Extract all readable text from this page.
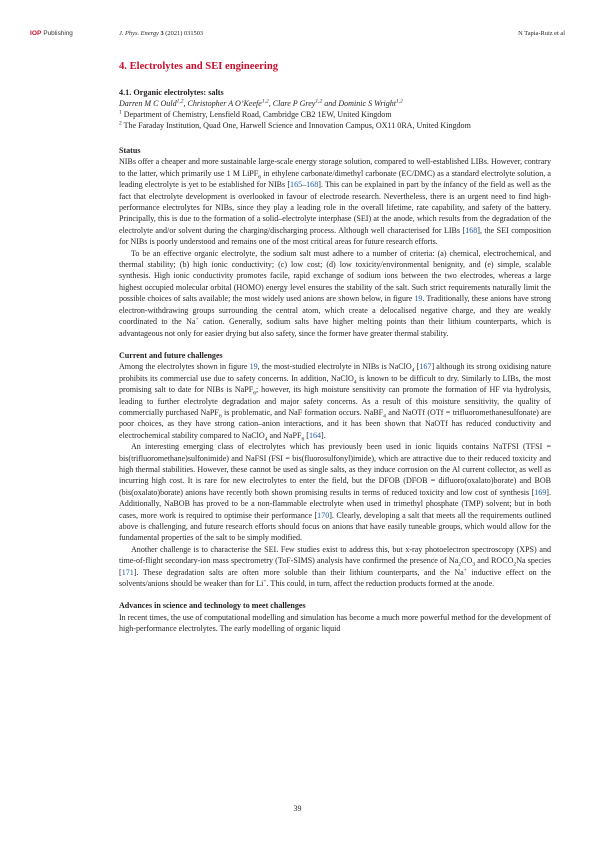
IOP Publishing	J. Phys. Energy 3 (2021) 031503	N Tapia-Ruiz et al
4. Electrolytes and SEI engineering
4.1. Organic electrolytes: salts
Darren M C Ould$^{1,2}$, Christopher A O’Keefe$^{1,2}$, Clare P Grey$^{1,2}$ and Dominic S Wright$^{1,2}$
$^1$ Department of Chemistry, Lensfield Road, Cambridge CB2 1EW, United Kingdom
$^2$ The Faraday Institution, Quad One, Harwell Science and Innovation Campus, OX11 0RA, United Kingdom
Status

NIBs offer a cheaper and more sustainable large-scale energy storage solution, compared to well-established LIBs. However, contrary to the latter, which primarily use 1 M LiPF$_6$ in ethylene carbonate/dimethyl carbonate (EC/DMC) as a standard electrolyte solution, a leading electrolyte is yet to be established for NIBs [165–168]. This can be explained in part by the infancy of the field as well as the fact that electrolyte development is overlooked in favour of electrode research. Nevertheless, there is an urgent need to find high-performance electrolytes for NIBs, since they play a leading role in the overall lifetime, rate capability, and safety of the battery. Principally, this is due to the formation of a solid–electrolyte interphase (SEI) at the anode, which results from the degradation of the electrolyte and/or solvent during the charging/discharging process. Although well characterised for LIBs [168], the SEI composition for NIBs is poorly understood and remains one of the most critical areas for future research efforts.

To be an effective organic electrolyte, the sodium salt must adhere to a number of criteria: (a) chemical, electrochemical, and thermal stability; (b) high ionic conductivity; (c) low cost; (d) low toxicity/environmental benignity, and (e) simple, scalable synthesis. High ionic conductivity promotes facile, rapid exchange of sodium ions between the two electrodes, whereas a large highest occupied molecular orbital (HOMO) energy level ensures the stability of the salt. Such strict requirements naturally limit the possible choices of salts available; the most widely used anions are shown below, in figure 19. Traditionally, these anions have strong electron-withdrawing groups surrounding the central atom, which create a delocalised negative charge, and they are weakly coordinated to the Na+ cation. Generally, sodium salts have higher melting points than their lithium counterparts, which is advantageous not only for easier drying but also safety, since the former have greater thermal stability.

Current and future challenges

Among the electrolytes shown in figure 19, the most-studied electrolyte in NIBs is NaClO$_4$ [167] although its strong oxidising nature prohibits its commercial use due to safety concerns. In addition, NaClO$_4$ is known to be difficult to dry. Similarly to LIBs, the most promising salt to date for NIBs is NaPF$_6$; however, its high moisture sensitivity can promote the formation of HF via hydrolysis, leading to further electrolyte degradation and major safety concerns. As a result of this moisture sensitivity, the quality of commercially purchased NaPF$_6$ is problematic, and NaF formation occurs. NaBF$_4$ and NaOTf (OTf = trifluoromethanesulfonate) are poor choices, as they have strong cation–anion interactions, and it has been shown that NaOTf has reduced conductivity and electrochemical stability compared to NaClO$_4$ and NaPF$_6$ [164].

An interesting emerging class of electrolytes which has previously been used in ionic liquids contains NaTFSI (TFSI = bis(trifluoromethane)sulfonimide) and NaFSI (FSI = bis(fluorosulfonyl)imide), which are attractive due to their reduced toxicity and high thermal stabilities. However, these cannot be used as single salts, as they induce corrosion on the Al current collector, as well as incurring high cost. It is rare for new electrolytes to enter the field, but the DFOB (DFOB = difluoro(oxalato)borate) and BOB (bis(oxalato)borate) anions have recently both shown promising results in terms of reduced toxicity and low cost of synthesis [169]. Additionally, NaBOB has proved to be a non-flammable electrolyte when used in trimethyl phosphate (TMP) solvent; but in both cases, more work is required to optimise their performance [170]. Clearly, developing a salt that meets all the requirements outlined above is challenging, and future research efforts should focus on anions that have easily tuneable groups, which would allow for the fundamental properties of the salt to be simply modified.

Another challenge is to characterise the SEI. Few studies exist to address this, but x-ray photoelectron spectroscopy (XPS) and time-of-flight secondary-ion mass spectrometry (ToF-SIMS) analysis have confirmed the presence of $Na_2CO_3$ and $ROCO_2Na$ species [171]. These degradation salts are often more soluble than their lithium counterparts, and the Na+ inductive effect on the solvents/anions should be weaker than for Li+. This could, in turn, affect the reduction products formed at the anode.

Advances in science and technology to meet challenges

In recent times, the use of computational modelling and simulation has become a much more powerful method for the development of high-performance electrolytes. The early modelling of organic liquid

39
